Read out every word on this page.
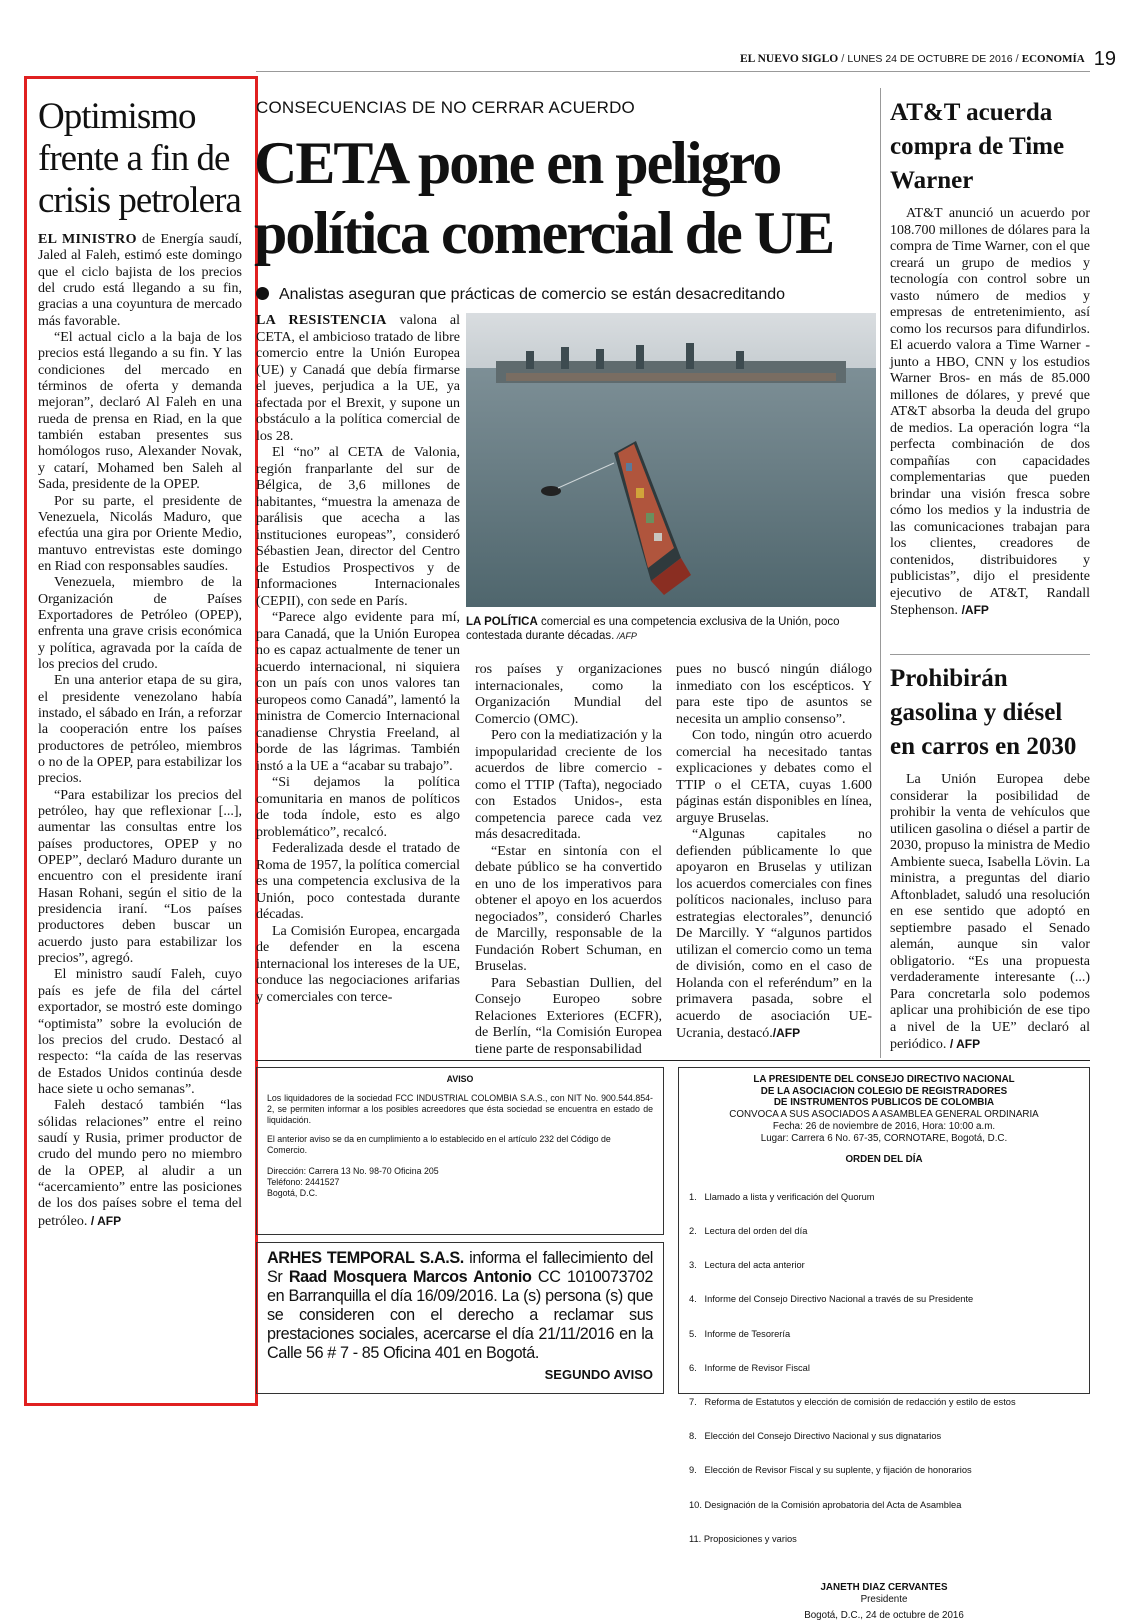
EL NUEVO SIGLO / LUNES 24 DE OCTUBRE DE 2016 / ECONOMÍA 19
Optimismo frente a fin de crisis petrolera

EL MINISTRO de Energía saudí, Jaled al Faleh, estimó este domingo que el ciclo bajista de los precios del crudo está llegando a su fin, gracias a una coyuntura de mercado más favorable.

“El actual ciclo a la baja de los precios está llegando a su fin. Y las condiciones del mercado en términos de oferta y demanda mejoran”, declaró Al Faleh en una rueda de prensa en Riad, en la que también estaban presentes sus homólogos ruso, Alexander Novak, y catarí, Mohamed ben Saleh al Sada, presidente de la OPEP.

Por su parte, el presidente de Venezuela, Nicolás Maduro, que efectúa una gira por Oriente Medio, mantuvo entrevistas este domingo en Riad con responsables saudíes.

Venezuela, miembro de la Organización de Países Exportadores de Petróleo (OPEP), enfrenta una grave crisis económica y política, agravada por la caída de los precios del crudo.

En una anterior etapa de su gira, el presidente venezolano había instado, el sábado en Irán, a reforzar la cooperación entre los países productores de petróleo, miembros o no de la OPEP, para estabilizar los precios.

“Para estabilizar los precios del petróleo, hay que reflexionar [...], aumentar las consultas entre los países productores, OPEP y no OPEP”, declaró Maduro durante un encuentro con el presidente iraní Hasan Rohani, según el sitio de la presidencia iraní. “Los países productores deben buscar un acuerdo justo para estabilizar los precios”, agregó.

El ministro saudí Faleh, cuyo país es jefe de fila del cártel exportador, se mostró este domingo “optimista” sobre la evolución de los precios del crudo. Destacó al respecto: “la caída de las reservas de Estados Unidos continúa desde hace siete u ocho semanas”.

Faleh destacó también “las sólidas relaciones” entre el reino saudí y Rusia, primer productor de crudo del mundo pero no miembro de la OPEP, al aludir a un “acercamiento” entre las posiciones de los dos países sobre el tema del petróleo. / AFP

CONSECUENCIAS DE NO CERRAR ACUERDO
CETA pone en peligro política comercial de UE
Analistas aseguran que prácticas de comercio se están desacreditando

LA RESISTENCIA valona al CETA, el ambicioso tratado de libre comercio entre la Unión Europea (UE) y Canadá que debía firmarse el jueves, perjudica a la UE, ya afectada por el Brexit, y supone un obstáculo a la política comercial de los 28.

El “no” al CETA de Valonia, región franparlante del sur de Bélgica, de 3,6 millones de habitantes, “muestra la amenaza de parálisis que acecha a las instituciones europeas”, consideró Sébastien Jean, director del Centro de Estudios Prospectivos y de Informaciones Internacionales (CEPII), con sede en París.

“Parece algo evidente para mí, para Canadá, que la Unión Europea no es capaz actualmente de tener un acuerdo internacional, ni siquiera con un país con unos valores tan europeos como Canadá”, lamentó la ministra de Comercio Internacional canadiense Chrystia Freeland, al borde de las lágrimas. También instó a la UE a “acabar su trabajo”.

“Si dejamos la política comunitaria en manos de políticos de toda índole, esto es algo problemático”, recalcó.

Federalizada desde el tratado de Roma de 1957, la política comercial es una competencia exclusiva de la Unión, poco contestada durante décadas.

La Comisión Europea, encargada de defender en la escena internacional los intereses de la UE, conduce las negociaciones arifarias y comerciales con terce-

LA POLÍTICA comercial es una competencia exclusiva de la Unión, poco contestada durante décadas. /AFP

ros países y organizaciones internacionales, como la Organización Mundial del Comercio (OMC).

Pero con la mediatización y la impopularidad creciente de los acuerdos de libre comercio -como el TTIP (Tafta), negociado con Estados Unidos-, esta competencia parece cada vez más desacreditada.

“Estar en sintonía con el debate público se ha convertido en uno de los imperativos para obtener el apoyo en los acuerdos negociados”, consideró Charles de Marcilly, responsable de la Fundación Robert Schuman, en Bruselas.

Para Sebastian Dullien, del Consejo Europeo sobre Relaciones Exteriores (ECFR), de Berlín, “la Comisión Europea tiene parte de responsabilidad

pues no buscó ningún diálogo inmediato con los escépticos. Y para este tipo de asuntos se necesita un amplio consenso”.

Con todo, ningún otro acuerdo comercial ha necesitado tantas explicaciones y debates como el TTIP o el CETA, cuyas 1.600 páginas están disponibles en línea, arguye Bruselas.

“Algunas capitales no defienden públicamente lo que apoyaron en Bruselas y utilizan los acuerdos comerciales con fines políticos nacionales, incluso para estrategias electorales”, denunció De Marcilly. Y “algunos partidos utilizan el comercio como un tema de división, como en el caso de Holanda con el referéndum” en la primavera pasada, sobre el acuerdo de asociación UE-Ucrania, destacó./AFP

AT&T acuerda compra de Time Warner

AT&T anunció un acuerdo por 108.700 millones de dólares para la compra de Time Warner, con el que creará un grupo de medios y tecnología con control sobre un vasto número de medios y empresas de entretenimiento, así como los recursos para difundirlos. El acuerdo valora a Time Warner -junto a HBO, CNN y los estudios Warner Bros- en más de 85.000 millones de dólares, y prevé que AT&T absorba la deuda del grupo de medios. La operación logra “la perfecta combinación de dos compañías con capacidades complementarias que pueden brindar una visión fresca sobre cómo los medios y la industria de las comunicaciones trabajan para los clientes, creadores de contenidos, distribuidores y publicistas”, dijo el presidente ejecutivo de AT&T, Randall Stephenson. /AFP

Prohibirán gasolina y diésel en carros en 2030

La Unión Europea debe considerar la posibilidad de prohibir la venta de vehículos que utilicen gasolina o diésel a partir de 2030, propuso la ministra de Medio Ambiente sueca, Isabella Lövin. La ministra, a preguntas del diario Aftonbladet, saludó una resolución en ese sentido que adoptó en septiembre pasado el Senado alemán, aunque sin valor obligatorio. “Es una propuesta verdaderamente interesante (...) Para concretarla solo podemos aplicar una prohibición de ese tipo a nivel de la UE” declaró al periódico. / AFP

AVISO
Los liquidadores de la sociedad FCC INDUSTRIAL COLOMBIA S.A.S., con NIT No. 900.544.854-2, se permiten informar a los posibles acreedores que ésta sociedad se encuentra en estado de liquidación.
El anterior aviso se da en cumplimiento a lo establecido en el artículo 232 del Código de Comercio.
Dirección: Carrera 13 No. 98-70 Oficina 205
Teléfono: 2441527
Bogotá, D.C.
ARHES TEMPORAL S.A.S. informa el fallecimiento del Sr Raad Mosquera Marcos Antonio CC 1010073702 en Barranquilla el día 16/09/2016. La (s) persona (s) que se consideren con el derecho a reclamar sus prestaciones sociales, acercarse el día 21/11/2016 en la Calle 56 # 7 - 85 Oficina 401 en Bogotá.
SEGUNDO AVISO
LA PRESIDENTE DEL CONSEJO DIRECTIVO NACIONAL
DE LA ASOCIACION COLEGIO DE REGISTRADORES
DE INSTRUMENTOS PUBLICOS DE COLOMBIA
CONVOCA A SUS ASOCIADOS A ASAMBLEA GENERAL ORDINARIA
Fecha: 26 de noviembre de 2016, Hora: 10:00 a.m.
Lugar: Carrera 6 No. 67-35, CORNOTARE, Bogotá, D.C.
ORDEN DEL DÍA

1.   Llamado a lista y verificación del Quorum

2.   Lectura del orden del día

3.   Lectura del acta anterior

4.   Informe del Consejo Directivo Nacional a través de su Presidente

5.   Informe de Tesorería

6.   Informe de Revisor Fiscal

7.   Reforma de Estatutos y elección de comisión de redacción y estilo de estos

8.   Elección del Consejo Directivo Nacional y sus dignatarios

9.   Elección de Revisor Fiscal y su suplente, y fijación de honorarios

10. Designación de la Comisión aprobatoria del Acta de Asamblea

11. Proposiciones y varios

JANETH DIAZ CERVANTES
Presidente
Bogotá, D.C., 24 de octubre de 2016
